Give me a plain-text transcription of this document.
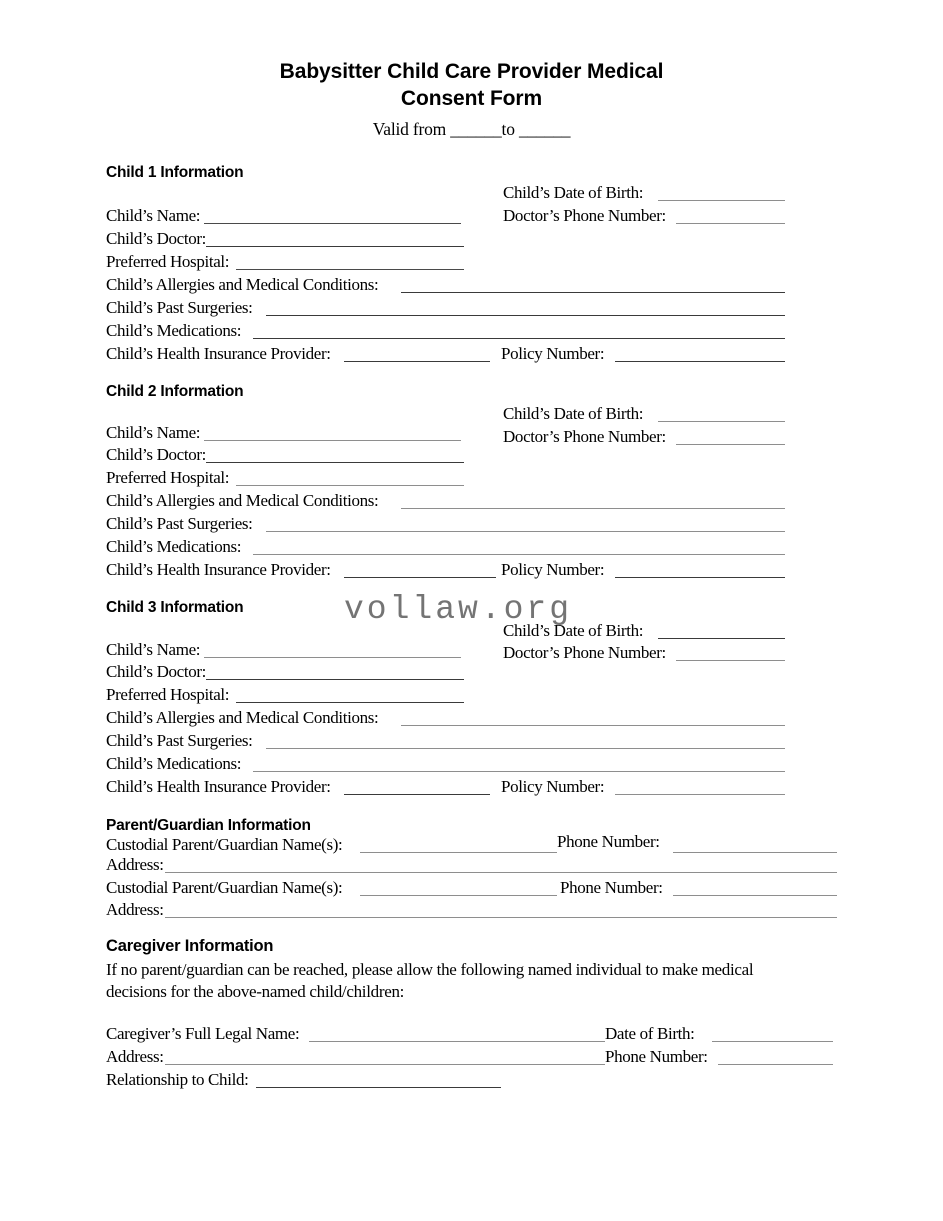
Babysitter Child Care Provider Medical
Consent Form
Valid from ______to ______
vollaw.org
Child 1 Information
Child’s Date of Birth:
Doctor’s Phone Number:
Child’s Name:
Child’s Doctor:
Preferred Hospital:
Child’s Allergies and Medical Conditions:
Child’s Past Surgeries:
Child’s Medications:
Child’s Health Insurance Provider:	Policy Number:
Child 2 Information
Child’s Date of Birth:
Doctor’s Phone Number:
Child’s Name:
Child’s Doctor:
Preferred Hospital:
Child’s Allergies and Medical Conditions:
Child’s Past Surgeries:
Child’s Medications:
Child’s Health Insurance Provider:	Policy Number:
Child 3 Information
Child’s Date of Birth:
Doctor’s Phone Number:
Child’s Name:
Child’s Doctor:
Preferred Hospital:
Child’s Allergies and Medical Conditions:
Child’s Past Surgeries:
Child’s Medications:
Child’s Health Insurance Provider:	Policy Number:
Parent/Guardian Information
Custodial Parent/Guardian Name(s):	Phone Number:
Address:
Custodial Parent/Guardian Name(s):	Phone Number:
Address:
Caregiver Information
If no parent/guardian can be reached, please allow the following named individual to make medical decisions for the above-named child/children:
Caregiver’s Full Legal Name:	Date of Birth:
Address:	Phone Number:
Relationship to Child:
